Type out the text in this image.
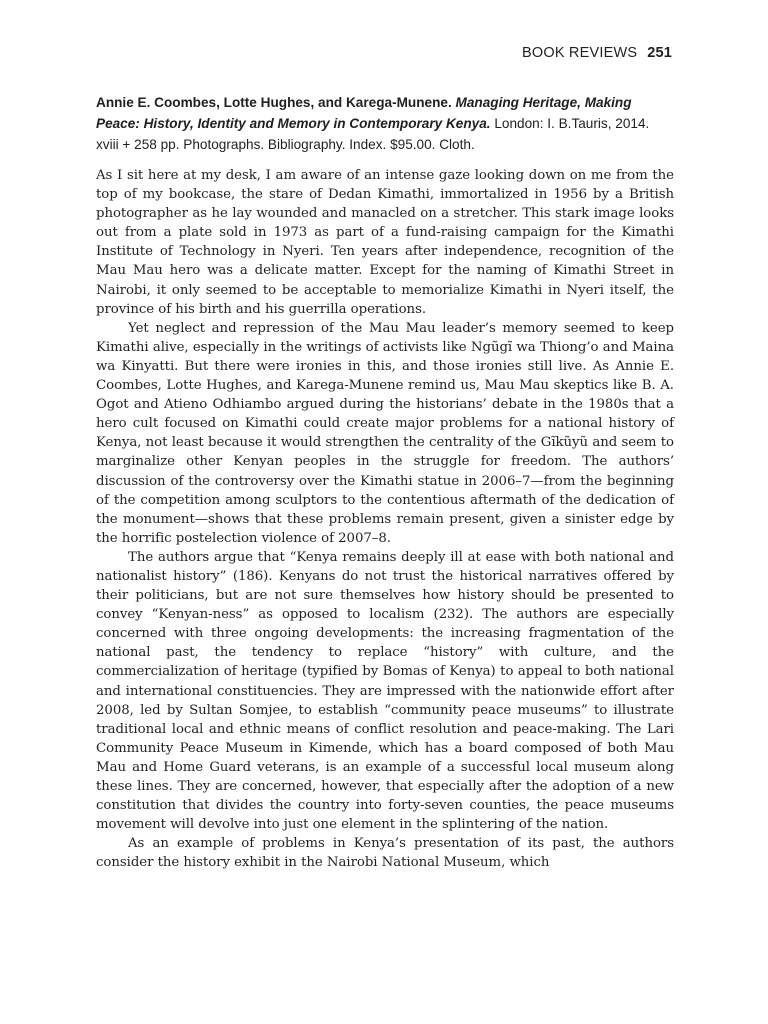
BOOK REVIEWS 251
Annie E. Coombes, Lotte Hughes, and Karega-Munene. Managing Heritage, Making Peace: History, Identity and Memory in Contemporary Kenya. London: I. B.Tauris, 2014. xviii + 258 pp. Photographs. Bibliography. Index. $95.00. Cloth.

As I sit here at my desk, I am aware of an intense gaze looking down on me from the top of my bookcase, the stare of Dedan Kimathi, immortalized in 1956 by a British photographer as he lay wounded and manacled on a stretcher. This stark image looks out from a plate sold in 1973 as part of a fund-raising campaign for the Kimathi Institute of Technology in Nyeri. Ten years after independence, recognition of the Mau Mau hero was a delicate matter. Except for the naming of Kimathi Street in Nairobi, it only seemed to be acceptable to memorialize Kimathi in Nyeri itself, the province of his birth and his guerrilla operations.

Yet neglect and repression of the Mau Mau leader’s memory seemed to keep Kimathi alive, especially in the writings of activists like Ngũgĩ wa Thiong’o and Maina wa Kinyatti. But there were ironies in this, and those ironies still live. As Annie E. Coombes, Lotte Hughes, and Karega-Munene remind us, Mau Mau skeptics like B. A. Ogot and Atieno Odhiambo argued during the historians’ debate in the 1980s that a hero cult focused on Kimathi could create major problems for a national history of Kenya, not least because it would strengthen the centrality of the Gĩkũyũ and seem to marginalize other Kenyan peoples in the struggle for freedom. The authors’ discussion of the controversy over the Kimathi statue in 2006–7—from the beginning of the competition among sculptors to the contentious aftermath of the dedication of the monument—shows that these problems remain present, given a sinister edge by the horrific postelection violence of 2007–8.

The authors argue that “Kenya remains deeply ill at ease with both national and nationalist history” (186). Kenyans do not trust the historical narratives offered by their politicians, but are not sure themselves how history should be presented to convey “Kenyan-ness” as opposed to localism (232). The authors are especially concerned with three ongoing developments: the increasing fragmentation of the national past, the tendency to replace “history” with culture, and the commercialization of heritage (typified by Bomas of Kenya) to appeal to both national and international constituencies. They are impressed with the nationwide effort after 2008, led by Sultan Somjee, to establish “community peace museums” to illustrate traditional local and ethnic means of conflict resolution and peace-making. The Lari Community Peace Museum in Kimende, which has a board composed of both Mau Mau and Home Guard veterans, is an example of a successful local museum along these lines. They are concerned, however, that especially after the adoption of a new constitution that divides the country into forty-seven counties, the peace museums movement will devolve into just one element in the splintering of the nation.

As an example of problems in Kenya’s presentation of its past, the authors consider the history exhibit in the Nairobi National Museum, which
